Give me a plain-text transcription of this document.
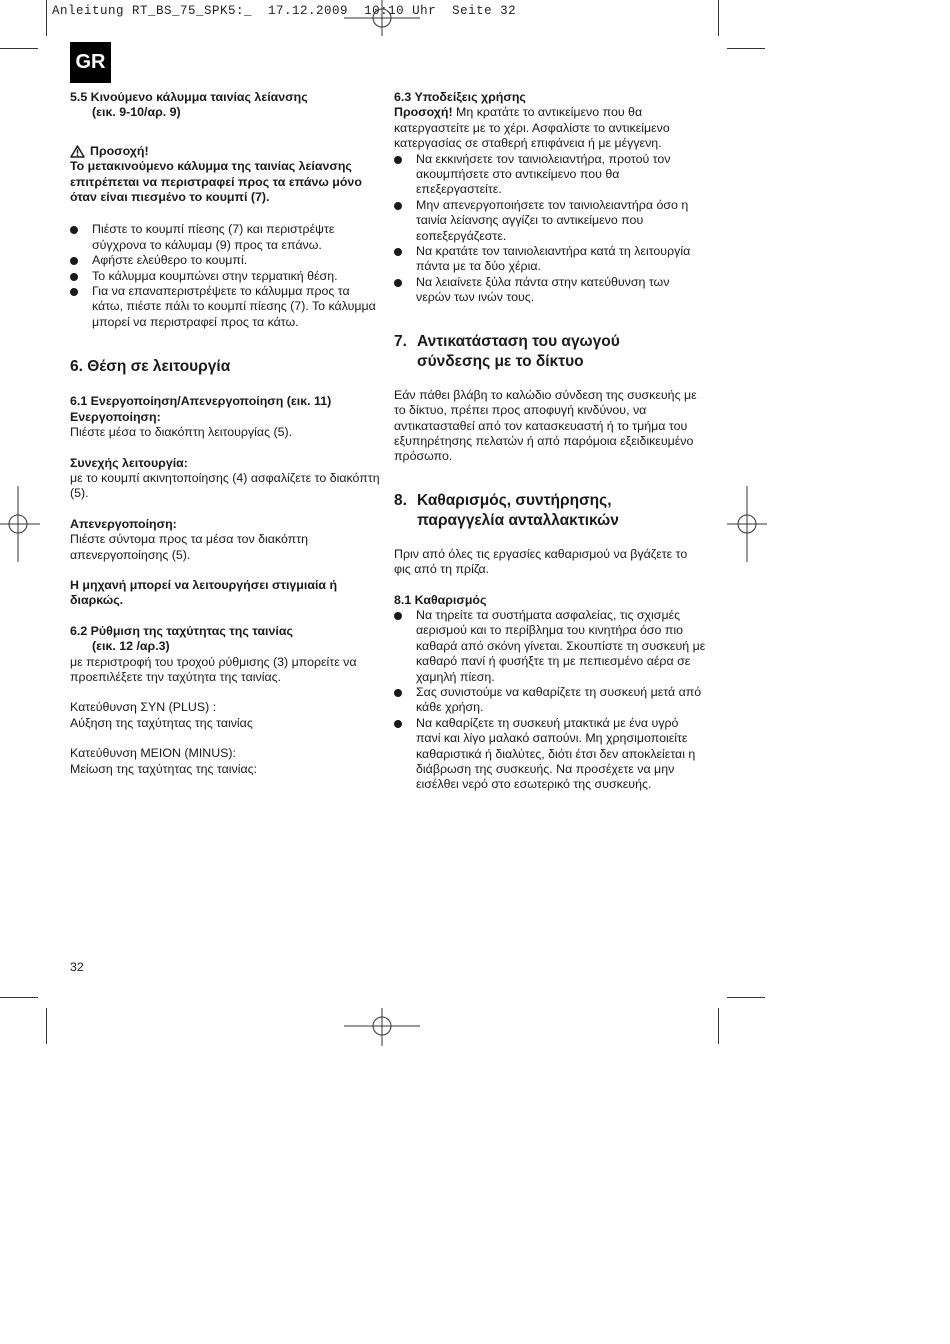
Anleitung RT_BS_75_SPK5:_ 17.12.2009 10:10 Uhr Seite 32
GR

5.5 Κινούμενο κάλυμμα ταινίας λείανσης
(εικ. 9-10/αρ. 9)

Προσοχή!

Το μετακινούμενο κάλυμμα της ταινίας λείανσης επιτρέπεται να περιστραφεί προς τα επάνω μόνο όταν είναι πιεσμένο το κουμπί (7).

Πιέστε το κουμπί πίεσης (7) και περιστρέψτε σύγχρονα το κάλυμαμ (9) προς τα επάνω.
Αφήστε ελεύθερο το κουμπί.
Το κάλυμμα κουμπώνει στην τερματική θέση.
Για να επαναπεριστρέψετε το κάλυμμα προς τα κάτω, πιέστε πάλι το κουμπί πίεσης (7). Το κάλυμμα μπορεί να περιστραφεί προς τα κάτω.

6. Θέση σε λειτουργία

6.1 Ενεργοποίηση/Απενεργοποίηση (εικ. 11)

Ενεργοποίηση:

Πιέστε μέσα το διακόπτη λειτουργίας (5).

Συνεχής λειτουργία:

με το κουμπί ακινητοποίησης (4) ασφαλίζετε το διακόπτη (5).

Απενεργοποίηση:

Πιέστε σύντομα προς τα μέσα τον διακόπτη απενεργοποίησης (5).

Η μηχανή μπορεί να λειτουργήσει στιγμιαία ή διαρκώς.

6.2 Ρύθμιση της ταχύτητας της ταινίας
(εικ. 12 /αρ.3)

με περιστροφή του τροχού ρύθμισης (3) μπορείτε να προεπιλέξετε την ταχύτητα της ταινίας.

Κατεύθυνση ΣΥΝ (PLUS) :

Αύξηση της ταχύτητας της ταινίας

Κατεύθυνση ΜΕΙΟΝ (MINUS):

Μείωση της ταχύτητας της ταινίας:

6.3 Υποδείξεις χρήσης

Προσοχή! Μη κρατάτε το αντικείμενο που θα κατεργαστείτε με το χέρι. Ασφαλίστε το αντικείμενο κατεργασίας σε σταθερή επιφάνεια ή με μέγγενη.

Να εκκινήσετε τον ταινιολειαντήρα, προτού τον ακουμπήσετε στο αντικείμενο που θα επεξεργαστείτε.
Μην απενεργοποιήσετε τον ταινιολειαντήρα όσο η ταινία λείανσης αγγίζει το αντικείμενο που εοπεξεργάζεστε.
Να κρατάτε τον ταινιολειαντήρα κατά τη λειτουργία πάντα με τα δύο χέρια.
Να λειαίνετε ξύλα πάντα στην κατεύθυνση των νερών των ινών τους.

7. Αντικατάσταση του αγωγού
σύνδεσης με το δίκτυο

Εάν πάθει βλάβη το καλώδιο σύνδεση της συσκευής με το δίκτυο, πρέπει προς αποφυγή κινδύνου, να αντικατασταθεί από τον κατασκευαστή ή το τμήμα του εξυπηρέτησης πελατών ή από παρόμοια εξειδικευμένο πρόσωπο.

8. Καθαρισμός, συντήρησης,
παραγγελία ανταλλακτικών

Πριν από όλες τις εργασίες καθαρισμού να βγάζετε το φις από τη πρίζα.

8.1 Καθαρισμός

Να τηρείτε τα συστήματα ασφαλείας, τις σχισμές αερισμού και το περίβλημα του κινητήρα όσο πιο καθαρά από σκόνη γίνεται. Σκουπίστε τη συσκευή με καθαρό πανί ή φυσήξτε τη με πεπιεσμένο αέρα σε χαμηλή πίεση.
Σας συνιστούμε να καθαρίζετε τη συσκευή μετά από κάθε χρήση.
Να καθαρίζετε τη συσκευή μτακτικά με ένα υγρό πανί και λίγο μαλακό σαπούνι. Μη χρησιμοποιείτε καθαριστικά ή διαλύτες, διότι έτσι δεν αποκλείεται η διάβρωση της συσκευής. Να προσέχετε να μην εισέλθει νερό στο εσωτερικό της συσκευής.
32
